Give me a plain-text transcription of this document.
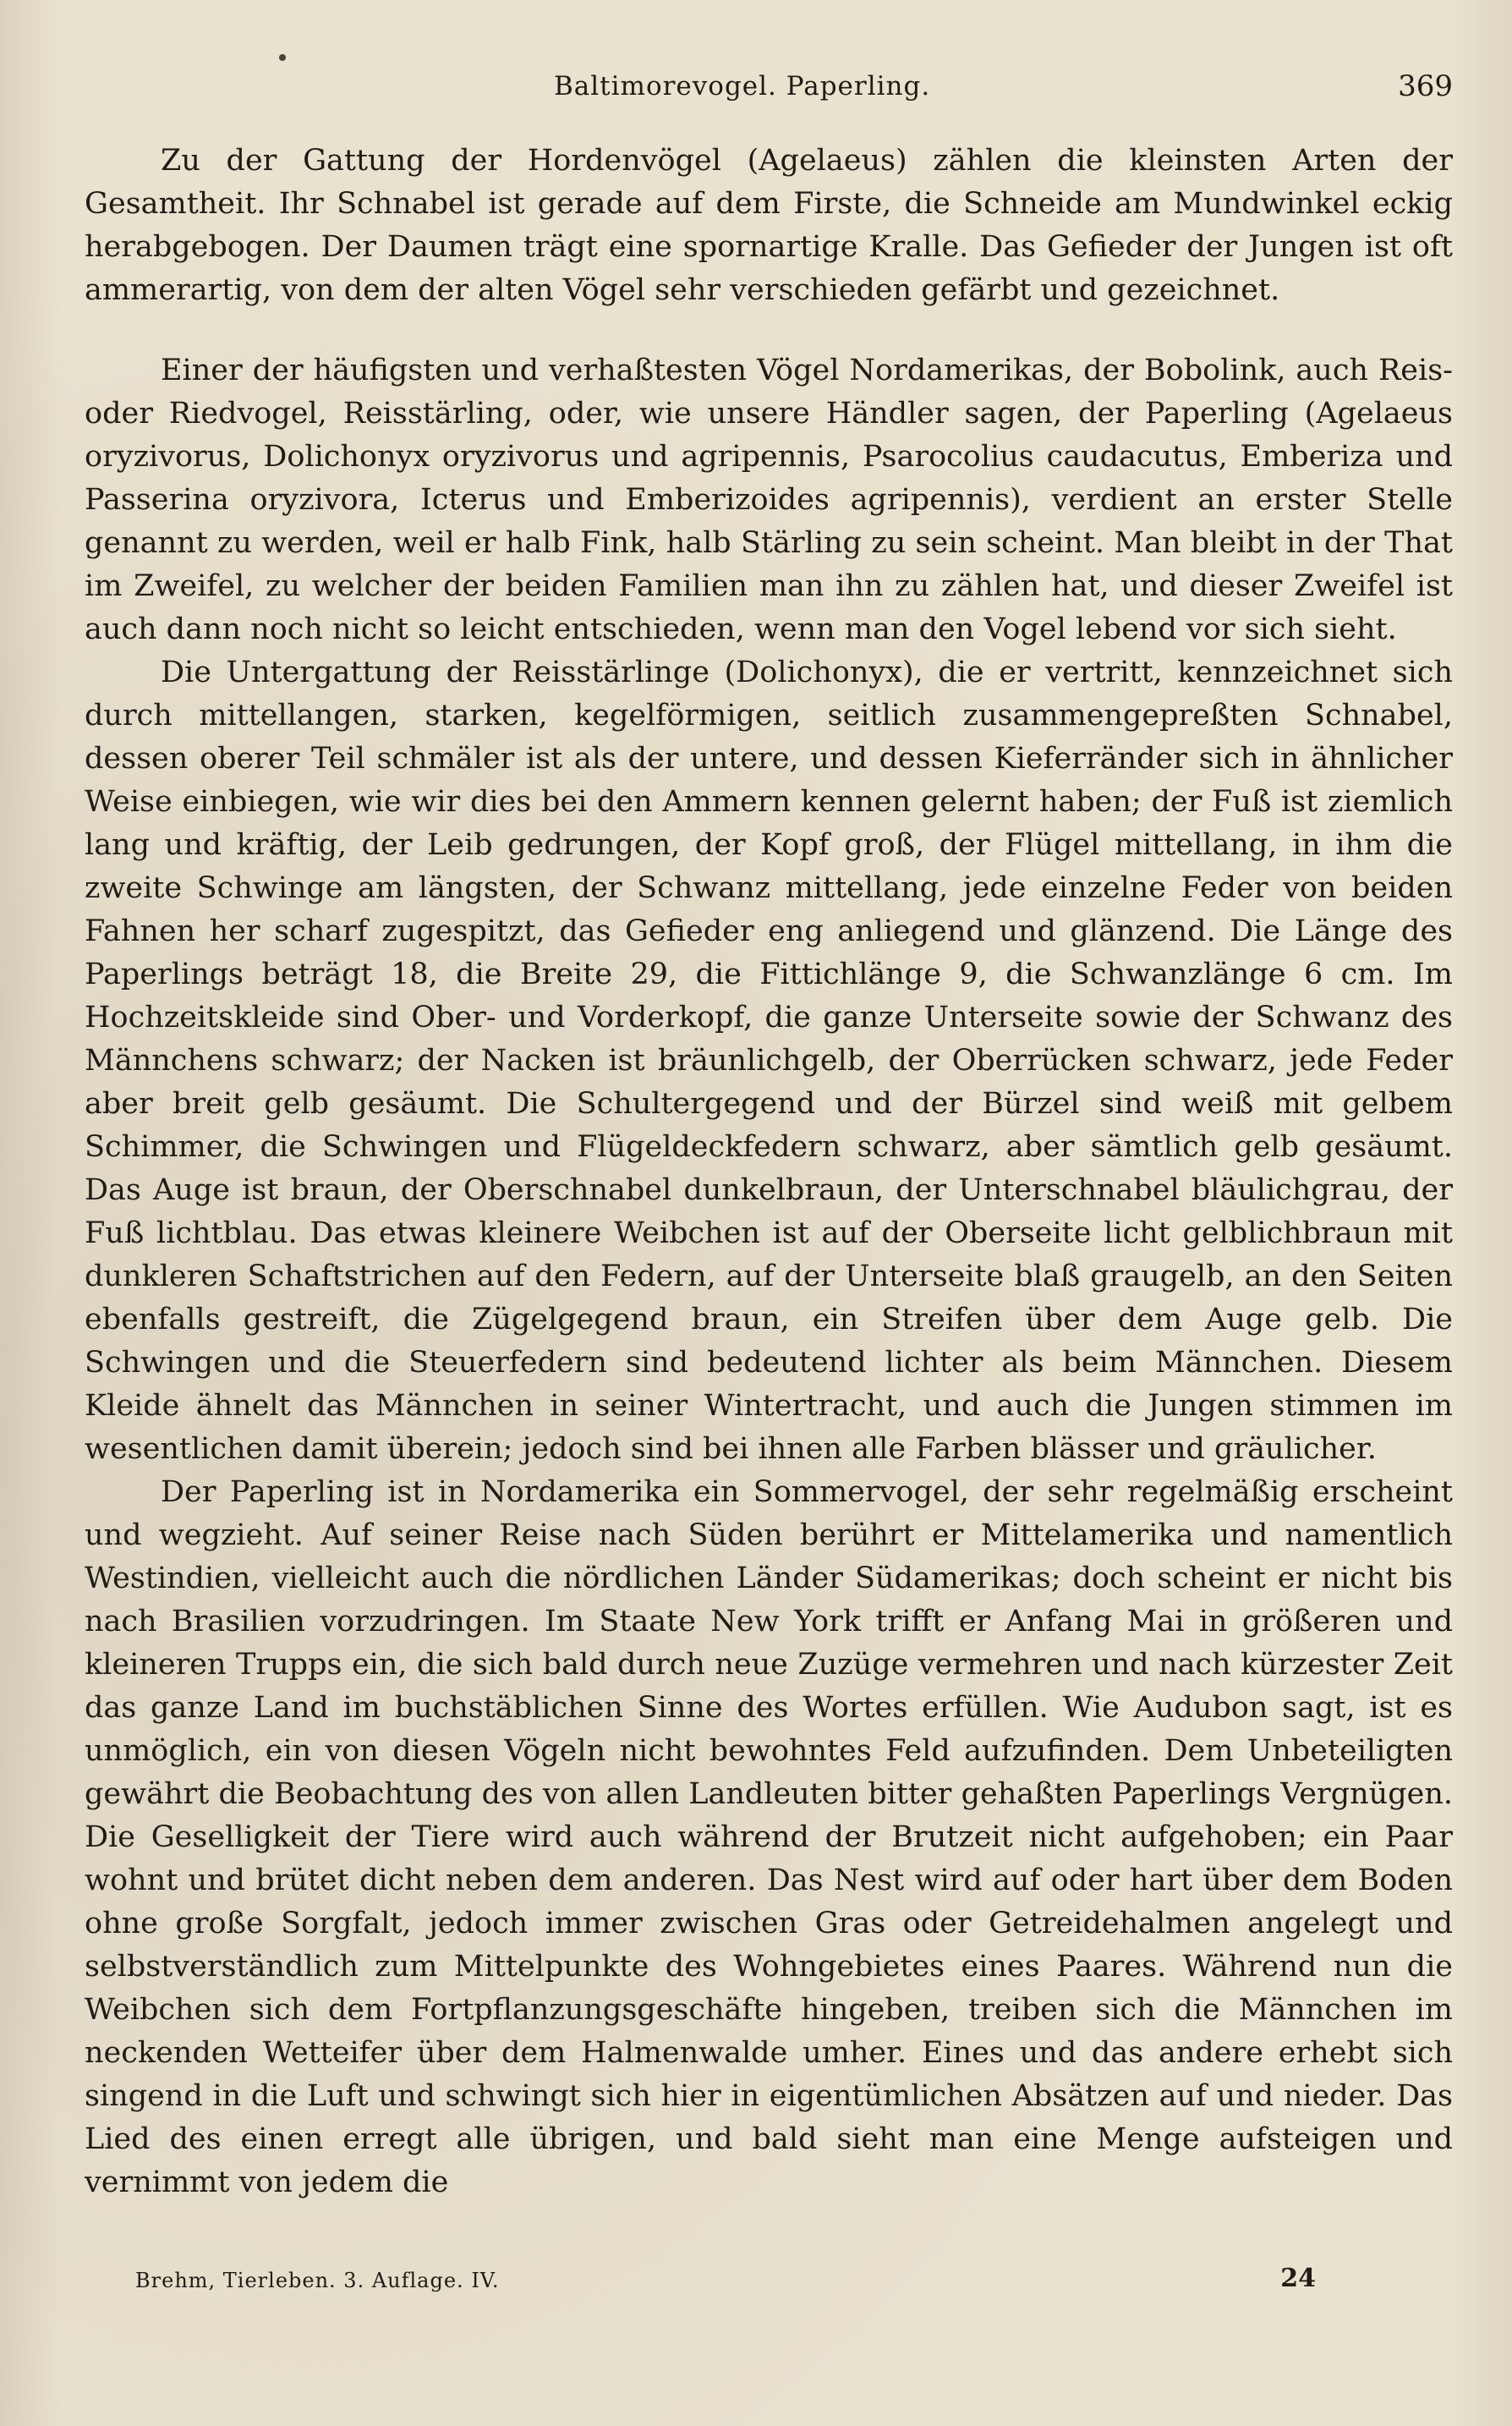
Baltimorevogel. Paperling.	369

Zu der Gattung der Hordenvögel (Agelaeus) zählen die kleinsten Arten der Gesamtheit. Ihr Schnabel ist gerade auf dem Firste, die Schneide am Mundwinkel eckig herabgebogen. Der Daumen trägt eine spornartige Kralle. Das Gefieder der Jungen ist oft ammerartig, von dem der alten Vögel sehr verschieden gefärbt und gezeichnet.

Einer der häufigsten und verhaßtesten Vögel Nordamerikas, der Bobolink, auch Reis- oder Riedvogel, Reisstärling, oder, wie unsere Händler sagen, der Paperling (Agelaeus oryzivorus, Dolichonyx oryzivorus und agripennis, Psarocolius caudacutus, Emberiza und Passerina oryzivora, Icterus und Emberizoides agripennis), verdient an erster Stelle genannt zu werden, weil er halb Fink, halb Stärling zu sein scheint. Man bleibt in der That im Zweifel, zu welcher der beiden Familien man ihn zu zählen hat, und dieser Zweifel ist auch dann noch nicht so leicht entschieden, wenn man den Vogel lebend vor sich sieht.

Die Untergattung der Reisstärlinge (Dolichonyx), die er vertritt, kennzeichnet sich durch mittellangen, starken, kegelförmigen, seitlich zusammengepreßten Schnabel, dessen oberer Teil schmäler ist als der untere, und dessen Kieferränder sich in ähnlicher Weise einbiegen, wie wir dies bei den Ammern kennen gelernt haben; der Fuß ist ziemlich lang und kräftig, der Leib gedrungen, der Kopf groß, der Flügel mittellang, in ihm die zweite Schwinge am längsten, der Schwanz mittellang, jede einzelne Feder von beiden Fahnen her scharf zugespitzt, das Gefieder eng anliegend und glänzend. Die Länge des Paperlings beträgt 18, die Breite 29, die Fittichlänge 9, die Schwanzlänge 6 cm. Im Hochzeitskleide sind Ober- und Vorderkopf, die ganze Unterseite sowie der Schwanz des Männchens schwarz; der Nacken ist bräunlichgelb, der Oberrücken schwarz, jede Feder aber breit gelb gesäumt. Die Schultergegend und der Bürzel sind weiß mit gelbem Schimmer, die Schwingen und Flügeldeckfedern schwarz, aber sämtlich gelb gesäumt. Das Auge ist braun, der Oberschnabel dunkelbraun, der Unterschnabel bläulichgrau, der Fuß lichtblau. Das etwas kleinere Weibchen ist auf der Oberseite licht gelblichbraun mit dunkleren Schaftstrichen auf den Federn, auf der Unterseite blaß graugelb, an den Seiten ebenfalls gestreift, die Zügelgegend braun, ein Streifen über dem Auge gelb. Die Schwingen und die Steuerfedern sind bedeutend lichter als beim Männchen. Diesem Kleide ähnelt das Männchen in seiner Wintertracht, und auch die Jungen stimmen im wesentlichen damit überein; jedoch sind bei ihnen alle Farben blässer und gräulicher.

Der Paperling ist in Nordamerika ein Sommervogel, der sehr regelmäßig erscheint und wegzieht. Auf seiner Reise nach Süden berührt er Mittelamerika und namentlich Westindien, vielleicht auch die nördlichen Länder Südamerikas; doch scheint er nicht bis nach Brasilien vorzudringen. Im Staate New York trifft er Anfang Mai in größeren und kleineren Trupps ein, die sich bald durch neue Zuzüge vermehren und nach kürzester Zeit das ganze Land im buchstäblichen Sinne des Wortes erfüllen. Wie Audubon sagt, ist es unmöglich, ein von diesen Vögeln nicht bewohntes Feld aufzufinden. Dem Unbeteiligten gewährt die Beobachtung des von allen Landleuten bitter gehaßten Paperlings Vergnügen. Die Geselligkeit der Tiere wird auch während der Brutzeit nicht aufgehoben; ein Paar wohnt und brütet dicht neben dem anderen. Das Nest wird auf oder hart über dem Boden ohne große Sorgfalt, jedoch immer zwischen Gras oder Getreidehalmen angelegt und selbstverständlich zum Mittelpunkte des Wohngebietes eines Paares. Während nun die Weibchen sich dem Fortpflanzungsgeschäfte hingeben, treiben sich die Männchen im neckenden Wetteifer über dem Halmenwalde umher. Eines und das andere erhebt sich singend in die Luft und schwingt sich hier in eigentümlichen Absätzen auf und nieder. Das Lied des einen erregt alle übrigen, und bald sieht man eine Menge aufsteigen und vernimmt von jedem die

Brehm, Tierleben. 3. Auflage. IV.	24
